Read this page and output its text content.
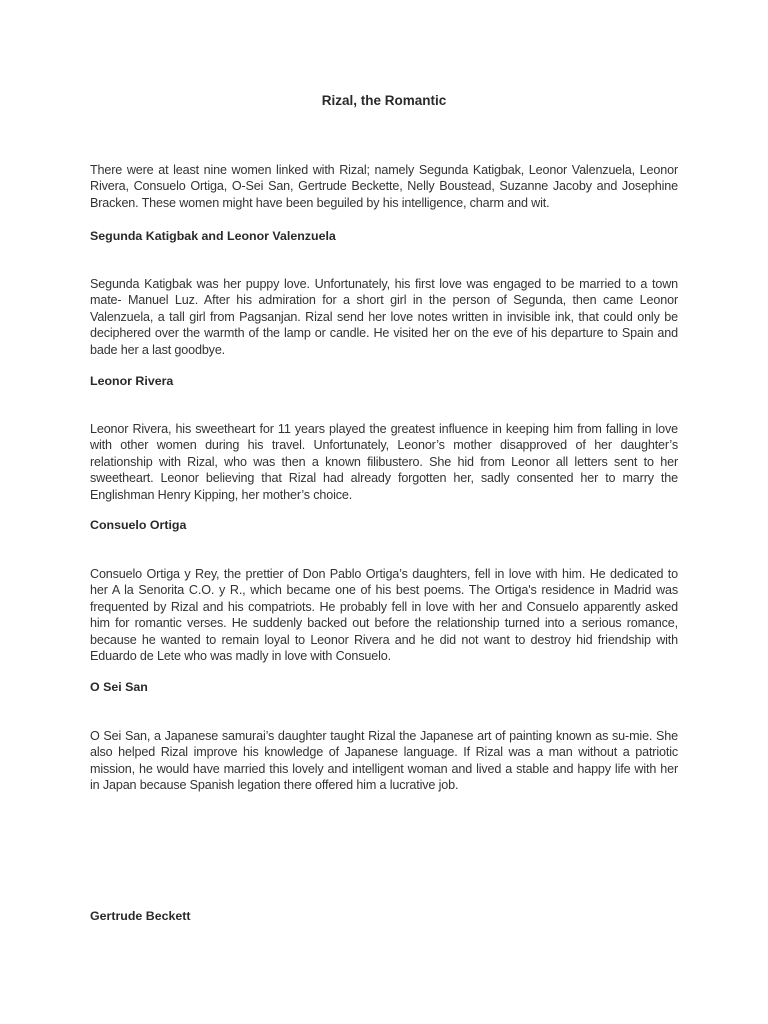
Rizal, the Romantic

There were at least nine women linked with Rizal; namely Segunda Katigbak, Leonor Valenzuela, Leonor Rivera, Consuelo Ortiga, O-Sei San, Gertrude Beckette, Nelly Boustead, Suzanne Jacoby and Josephine Bracken. These women might have been beguiled by his intelligence, charm and wit.

Segunda Katigbak and Leonor Valenzuela

Segunda Katigbak was her puppy love. Unfortunately, his first love was engaged to be married to a town mate- Manuel Luz. After his admiration for a short girl in the person of Segunda, then came Leonor Valenzuela, a tall girl from Pagsanjan. Rizal send her love notes written in invisible ink, that could only be deciphered over the warmth of the lamp or candle. He visited her on the eve of his departure to Spain and bade her a last goodbye.

Leonor Rivera

Leonor Rivera, his sweetheart for 11 years played the greatest influence in keeping him from falling in love with other women during his travel. Unfortunately, Leonor’s mother disapproved of her daughter’s relationship with Rizal, who was then a known filibustero. She hid from Leonor all letters sent to her sweetheart. Leonor believing that Rizal had already forgotten her, sadly consented her to marry the Englishman Henry Kipping, her mother’s choice.

Consuelo Ortiga

Consuelo Ortiga y Rey, the prettier of Don Pablo Ortiga’s daughters, fell in love with him. He dedicated to her A la Senorita C.O. y R., which became one of his best poems. The Ortiga's residence in Madrid was frequented by Rizal and his compatriots. He probably fell in love with her and Consuelo apparently asked him for romantic verses. He suddenly backed out before the relationship turned into a serious romance, because he wanted to remain loyal to Leonor Rivera and he did not want to destroy hid friendship with Eduardo de Lete who was madly in love with Consuelo.

O Sei San

O Sei San, a Japanese samurai’s daughter taught Rizal the Japanese art of painting known as su-mie. She also helped Rizal improve his knowledge of Japanese language. If Rizal was a man without a patriotic mission, he would have married this lovely and intelligent woman and lived a stable and happy life with her in Japan because Spanish legation there offered him a lucrative job.

Gertrude Beckett
